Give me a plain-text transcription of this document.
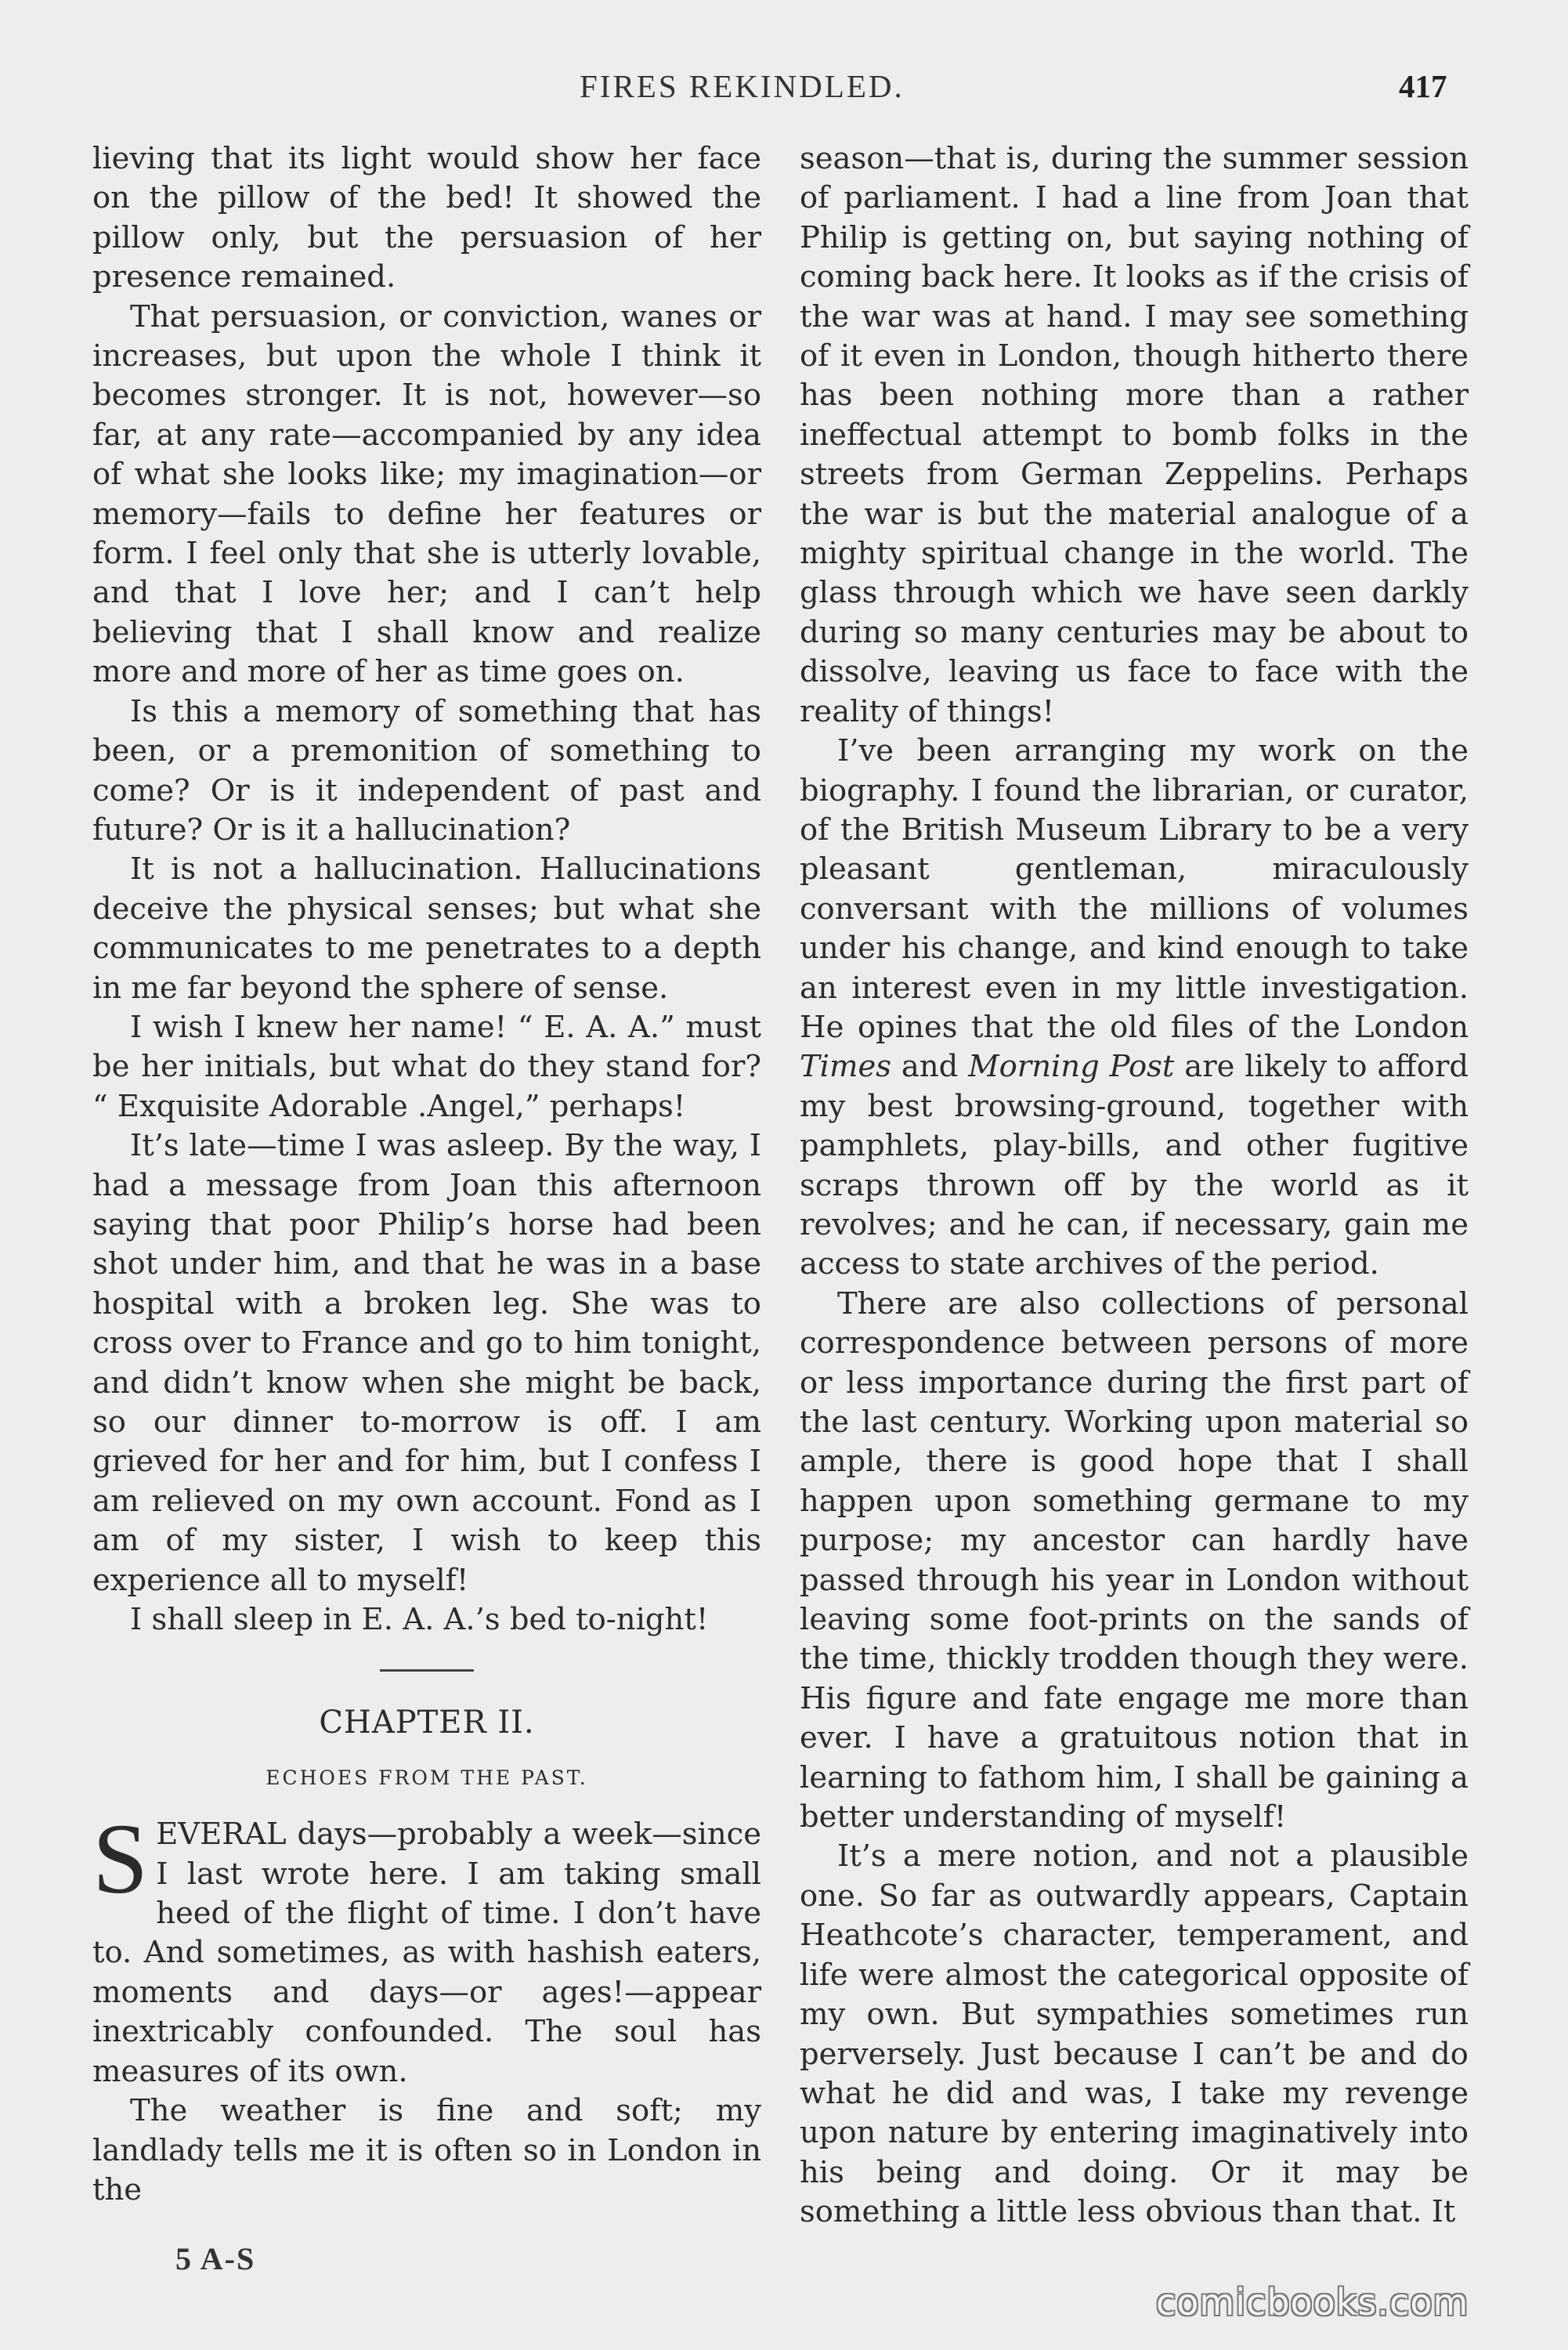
FIRES REKINDLED.	417

lieving that its light would show her face on the pillow of the bed! It showed the pillow only, but the persuasion of her presence remained.

That persuasion, or conviction, wanes or increases, but upon the whole I think it becomes stronger. It is not, however—so far, at any rate—accompanied by any idea of what she looks like; my imagination—or memory—fails to define her features or form. I feel only that she is utterly lovable, and that I love her; and I can’t help believing that I shall know and realize more and more of her as time goes on.

Is this a memory of something that has been, or a premonition of something to come? Or is it independent of past and future? Or is it a hallucination?

It is not a hallucination. Hallucinations deceive the physical senses; but what she communicates to me penetrates to a depth in me far beyond the sphere of sense.

I wish I knew her name! “ E. A. A.” must be her initials, but what do they stand for? “ Exquisite Adorable .Angel,” perhaps!

It’s late—time I was asleep. By the way, I had a message from Joan this afternoon saying that poor Philip’s horse had been shot under him, and that he was in a base hospital with a broken leg. She was to cross over to France and go to him tonight, and didn’t know when she might be back, so our dinner to-morrow is off. I am grieved for her and for him, but I confess I am relieved on my own account. Fond as I am of my sister, I wish to keep this experience all to myself!

I shall sleep in E. A. A.’s bed to-night!

CHAPTER II.
ECHOES FROM THE PAST.

SEVERAL days—probably a week—since I last wrote here. I am taking small heed of the flight of time. I don’t have to. And sometimes, as with hashish eaters, moments and days—or ages!—appear inextricably confounded. The soul has measures of its own.

The weather is fine and soft; my landlady tells me it is often so in London in the

season—that is, during the summer session of parliament. I had a line from Joan that Philip is getting on, but saying nothing of coming back here. It looks as if the crisis of the war was at hand. I may see something of it even in London, though hitherto there has been nothing more than a rather ineffectual attempt to bomb folks in the streets from German Zeppelins. Perhaps the war is but the material analogue of a mighty spiritual change in the world. The glass through which we have seen darkly during so many centuries may be about to dissolve, leaving us face to face with the reality of things!

I’ve been arranging my work on the biography. I found the librarian, or curator, of the British Museum Library to be a very pleasant gentleman, miraculously conversant with the millions of volumes under his change, and kind enough to take an interest even in my little investigation. He opines that the old files of the London Times and Morning Post are likely to afford my best browsing-ground, together with pamphlets, play-bills, and other fugitive scraps thrown off by the world as it revolves; and he can, if necessary, gain me access to state archives of the period.

There are also collections of personal correspondence between persons of more or less importance during the first part of the last century. Working upon material so ample, there is good hope that I shall happen upon something germane to my purpose; my ancestor can hardly have passed through his year in London without leaving some foot-prints on the sands of the time, thickly trodden though they were. His figure and fate engage me more than ever. I have a gratuitous notion that in learning to fathom him, I shall be gaining a better understanding of myself!

It’s a mere notion, and not a plausible one. So far as outwardly appears, Captain Heathcote’s character, temperament, and life were almost the categorical opposite of my own. But sympathies sometimes run perversely. Just because I can’t be and do what he did and was, I take my revenge upon nature by entering imaginatively into his being and doing. Or it may be something a little less obvious than that. It

5 A-S
comicbooks.com
